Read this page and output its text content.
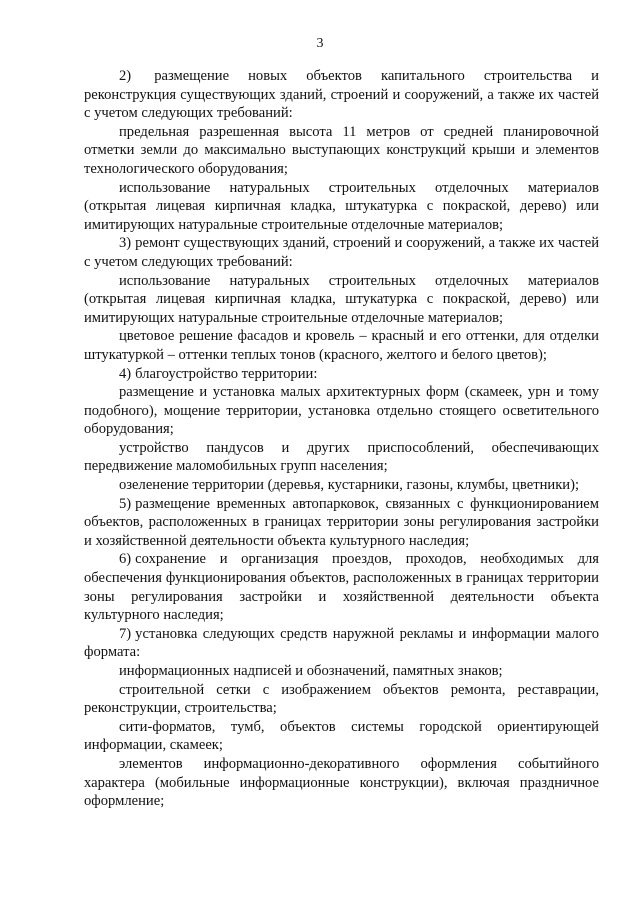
3

2) размещение новых объектов капитального строительства и реконструкция существующих зданий, строений и сооружений, а также их частей с учетом следующих требований:

предельная разрешенная высота 11 метров от средней планировочной отметки земли до максимально выступающих конструкций крыши и элементов технологического оборудования;

использование натуральных строительных отделочных материалов (открытая лицевая кирпичная кладка, штукатурка с покраской, дерево) или имитирующих натуральные строительные отделочные материалов;

3) ремонт существующих зданий, строений и сооружений, а также их частей с учетом следующих требований:

использование натуральных строительных отделочных материалов (открытая лицевая кирпичная кладка, штукатурка с покраской, дерево) или имитирующих натуральные строительные отделочные материалов;

цветовое решение фасадов и кровель – красный и его оттенки, для отделки штукатуркой – оттенки теплых тонов (красного, желтого и белого цветов);

4) благоустройство территории:

размещение и установка малых архитектурных форм (скамеек, урн и тому подобного), мощение территории, установка отдельно стоящего осветительного оборудования;

устройство пандусов и других приспособлений, обеспечивающих передвижение маломобильных групп населения;

озеленение территории (деревья, кустарники, газоны, клумбы, цветники);

5) размещение временных автопарковок, связанных с функционированием объектов, расположенных в границах территории зоны регулирования застройки и хозяйственной деятельности объекта культурного наследия;

6) сохранение и организация проездов, проходов, необходимых для обеспечения функционирования объектов, расположенных в границах территории зоны регулирования застройки и хозяйственной деятельности объекта культурного наследия;

7) установка следующих средств наружной рекламы и информации малого формата:

информационных надписей и обозначений, памятных знаков;

строительной сетки с изображением объектов ремонта, реставрации, реконструкции, строительства;

сити-форматов, тумб, объектов системы городской ориентирующей информации, скамеек;

элементов информационно-декоративного оформления событийного характера (мобильные информационные конструкции), включая праздничное оформление;
